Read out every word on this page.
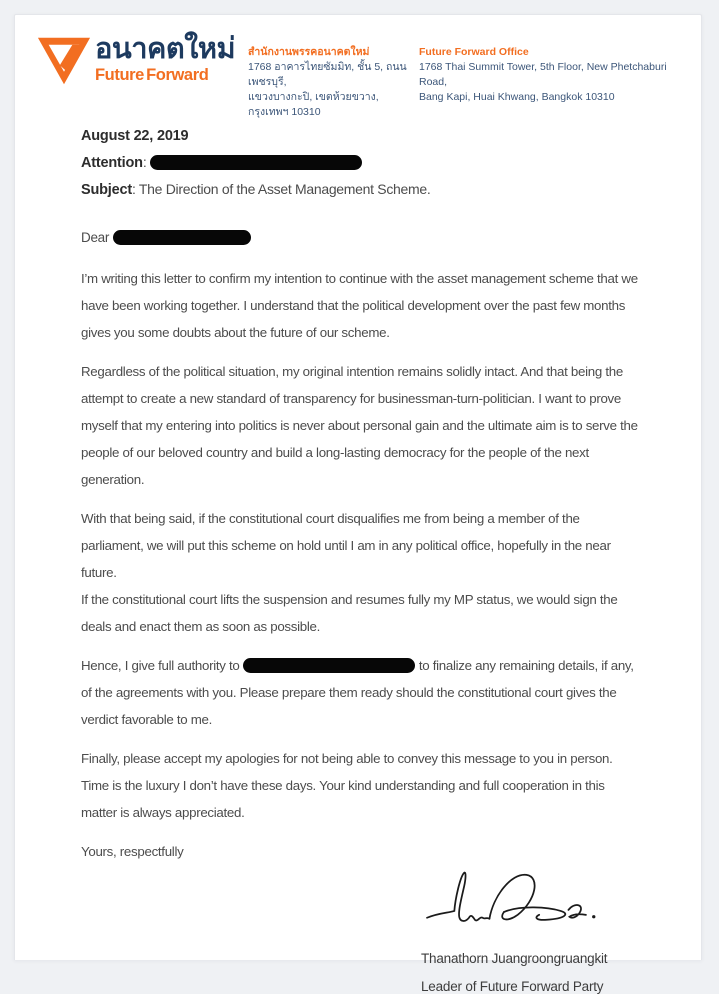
อนาคตใหม่
Future Forward
สำนักงานพรรคอนาคตใหม่
1768 อาคารไทยซัมมิท, ชั้น 5, ถนนเพชรบุรี,
แขวงบางกะปิ, เขตห้วยขวาง, กรุงเทพฯ 10310
Future Forward Office
1768 Thai Summit Tower, 5th Floor, New Phetchaburi Road,
Bang Kapi, Huai Khwang, Bangkok 10310
August 22, 2019
Attention:
Subject: The Direction of the Asset Management Scheme.
Dear

I’m writing this letter to confirm my intention to continue with the asset management scheme that we have been working together. I understand that the political development over the past few months gives you some doubts about the future of our scheme.

Regardless of the political situation, my original intention remains solidly intact. And that being the attempt to create a new standard of transparency for businessman-turn-politician. I want to prove myself that my entering into politics is never about personal gain and the ultimate aim is to serve the people of our beloved country and build a long-lasting democracy for the people of the next generation.

With that being said, if the constitutional court disqualifies me from being a member of the parliament, we will put this scheme on hold until I am in any political office, hopefully in the near future.

If the constitutional court lifts the suspension and resumes fully my MP status, we would sign the deals and enact them as soon as possible.

Hence, I give full authority to	to finalize any remaining details, if any, of the agreements with you. Please prepare them ready should the constitutional court gives the verdict favorable to me.

Finally, please accept my apologies for not being able to convey this message to you in person. Time is the luxury I don’t have these days. Your kind understanding and full cooperation in this matter is always appreciated.

Yours, respectfully
Thanathorn Juangroongruangkit
Leader of Future Forward Party
